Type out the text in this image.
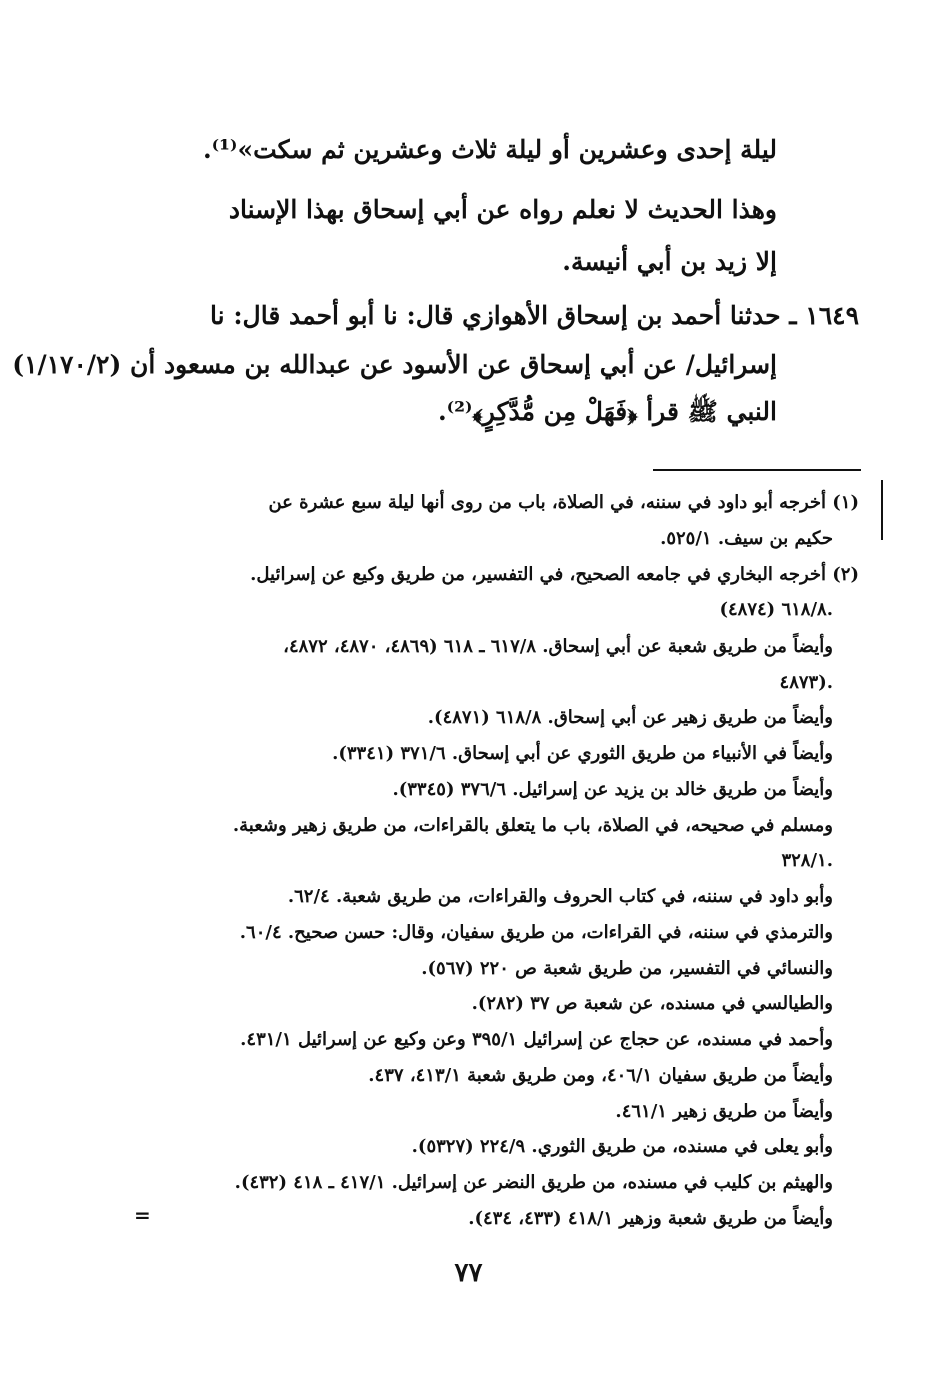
ليلة إحدى وعشرين أو ليلة ثلاث وعشرين ثم سكت»⁽¹⁾.
وهذا الحديث لا نعلم رواه عن أبي إسحاق بهذا الإسناد
إلا زيد بن أبي أنيسة.
١٦٤٩ ـ حدثنا أحمد بن إسحاق الأهوازي قال: نا أبو أحمد قال: نا
إسرائيل/ عن أبي إسحاق عن الأسود عن عبدالله بن مسعود أن (١/١٧٠/٢)
النبي ﷺ قرأ ﴿فَهَلْ مِن مُّدَّكِرٍ﴾⁽²⁾.
(١) أخرجه أبو داود في سننه، في الصلاة، باب من روى أنها ليلة سبع عشرة عن
حكيم بن سيف. ٥٢٥/١.
(٢) أخرجه البخاري في جامعه الصحيح، في التفسير، من طريق وكيع عن إسرائيل.
٦١٨/٨ (٤٨٧٤).
وأيضاً من طريق شعبة عن أبي إسحاق. ٦١٧/٨ ـ ٦١٨ (٤٨٦٩، ٤٨٧٠، ٤٨٧٢،
٤٨٧٣).
وأيضاً من طريق زهير عن أبي إسحاق. ٦١٨/٨ (٤٨٧١).
وأيضاً في الأنبياء من طريق الثوري عن أبي إسحاق. ٣٧١/٦ (٣٣٤١).
وأيضاً من طريق خالد بن يزيد عن إسرائيل. ٣٧٦/٦ (٣٣٤٥).
ومسلم في صحيحه، في الصلاة، باب ما يتعلق بالقراءات، من طريق زهير وشعبة.
٣٢٨/١.
وأبو داود في سننه، في كتاب الحروف والقراءات، من طريق شعبة. ٦٢/٤.
والترمذي في سننه، في القراءات، من طريق سفيان، وقال: حسن صحيح. ٦٠/٤.
والنسائي في التفسير، من طريق شعبة ص ٢٢٠ (٥٦٧).
والطيالسي في مسنده، عن شعبة ص ٣٧ (٢٨٢).
وأحمد في مسنده، عن حجاج عن إسرائيل ٣٩٥/١ وعن وكيع عن إسرائيل ٤٣١/١.
وأيضاً من طريق سفيان ٤٠٦/١، ومن طريق شعبة ٤١٣/١، ٤٣٧.
وأيضاً من طريق زهير ٤٦١/١.
وأبو يعلى في مسنده، من طريق الثوري. ٢٢٤/٩ (٥٣٢٧).
والهيثم بن كليب في مسنده، من طريق النضر عن إسرائيل. ٤١٧/١ ـ ٤١٨ (٤٣٢).
وأيضاً من طريق شعبة وزهير ٤١٨/١ (٤٣٣، ٤٣٤).
=
٧٧
